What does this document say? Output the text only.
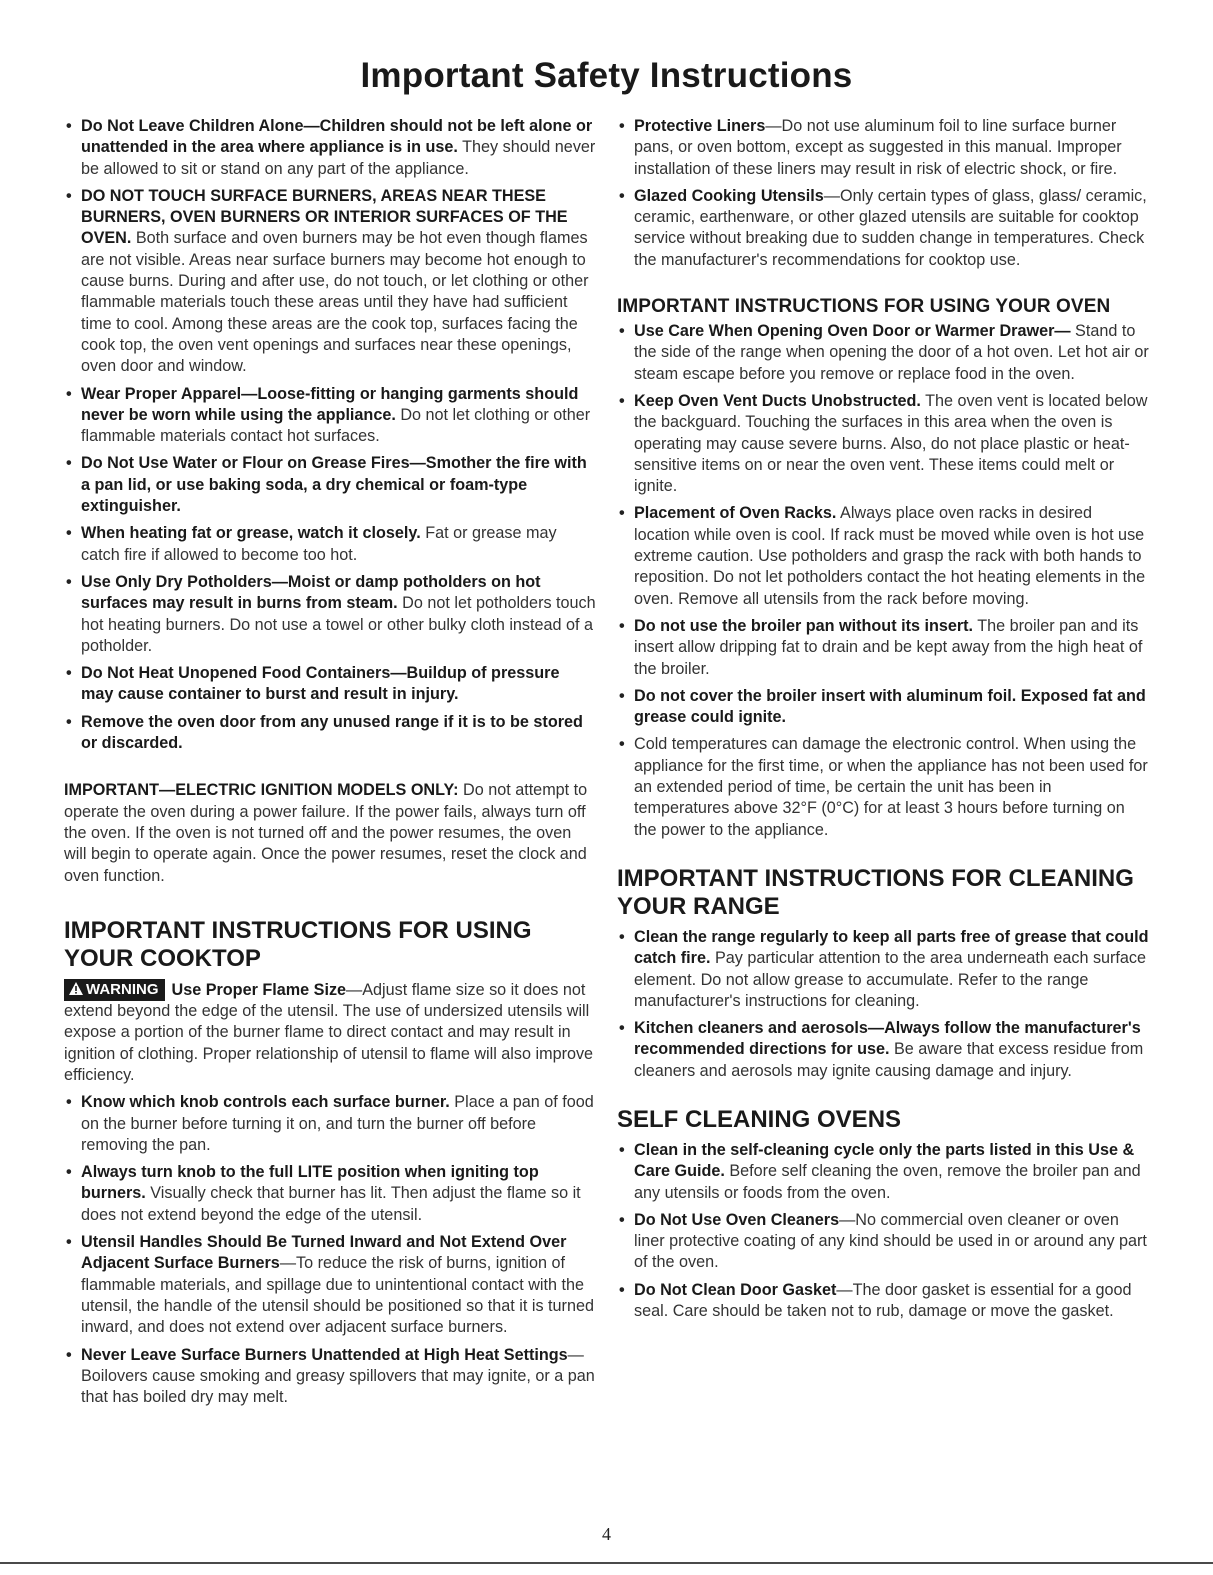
Important Safety Instructions
• Do Not Leave Children Alone—Children should not be left alone or unattended in the area where appliance is in use. They should never be allowed to sit or stand on any part of the appliance.
• DO NOT TOUCH SURFACE BURNERS, AREAS NEAR THESE BURNERS, OVEN BURNERS OR INTERIOR SURFACES OF THE OVEN. Both surface and oven burners may be hot even though flames are not visible. Areas near surface burners may become hot enough to cause burns. During and after use, do not touch, or let clothing or other flammable materials touch these areas until they have had sufficient time to cool. Among these areas are the cook top, surfaces facing the cook top, the oven vent openings and surfaces near these openings, oven door and window.
• Wear Proper Apparel—Loose-fitting or hanging garments should never be worn while using the appliance. Do not let clothing or other flammable materials contact hot surfaces.
• Do Not Use Water or Flour on Grease Fires—Smother the fire with a pan lid, or use baking soda, a dry chemical or foam-type extinguisher.
• When heating fat or grease, watch it closely. Fat or grease may catch fire if allowed to become too hot.
• Use Only Dry Potholders—Moist or damp potholders on hot surfaces may result in burns from steam. Do not let potholders touch hot heating burners. Do not use a towel or other bulky cloth instead of a potholder.
• Do Not Heat Unopened Food Containers—Buildup of pressure may cause container to burst and result in injury.
• Remove the oven door from any unused range if it is to be stored or discarded.

IMPORTANT—ELECTRIC IGNITION MODELS ONLY: Do not attempt to operate the oven during a power failure. If the power fails, always turn off the oven. If the oven is not turned off and the power resumes, the oven will begin to operate again. Once the power resumes, reset the clock and oven function.

IMPORTANT INSTRUCTIONS FOR USING YOUR COOKTOP

WARNING Use Proper Flame Size—Adjust flame size so it does not extend beyond the edge of the utensil. The use of undersized utensils will expose a portion of the burner flame to direct contact and may result in ignition of clothing. Proper relationship of utensil to flame will also improve efficiency.

• Know which knob controls each surface burner. Place a pan of food on the burner before turning it on, and turn the burner off before removing the pan.
• Always turn knob to the full LITE position when igniting top burners. Visually check that burner has lit. Then adjust the flame so it does not extend beyond the edge of the utensil.
• Utensil Handles Should Be Turned Inward and Not Extend Over Adjacent Surface Burners—To reduce the risk of burns, ignition of flammable materials, and spillage due to unintentional contact with the utensil, the handle of the utensil should be positioned so that it is turned inward, and does not extend over adjacent surface burners.
• Never Leave Surface Burners Unattended at High Heat Settings—Boilovers cause smoking and greasy spillovers that may ignite, or a pan that has boiled dry may melt.
• Protective Liners—Do not use aluminum foil to line surface burner pans, or oven bottom, except as suggested in this manual. Improper installation of these liners may result in risk of electric shock, or fire.
• Glazed Cooking Utensils—Only certain types of glass, glass/ ceramic, ceramic, earthenware, or other glazed utensils are suitable for cooktop service without breaking due to sudden change in temperatures. Check the manufacturer's recommendations for cooktop use.
IMPORTANT INSTRUCTIONS FOR USING YOUR OVEN
• Use Care When Opening Oven Door or Warmer Drawer— Stand to the side of the range when opening the door of a hot oven. Let hot air or steam escape before you remove or replace food in the oven.
• Keep Oven Vent Ducts Unobstructed. The oven vent is located below the backguard. Touching the surfaces in this area when the oven is operating may cause severe burns. Also, do not place plastic or heat-sensitive items on or near the oven vent. These items could melt or ignite.
• Placement of Oven Racks. Always place oven racks in desired location while oven is cool. If rack must be moved while oven is hot use extreme caution. Use potholders and grasp the rack with both hands to reposition. Do not let potholders contact the hot heating elements in the oven. Remove all utensils from the rack before moving.
• Do not use the broiler pan without its insert. The broiler pan and its insert allow dripping fat to drain and be kept away from the high heat of the broiler.
• Do not cover the broiler insert with aluminum foil. Exposed fat and grease could ignite.
• Cold temperatures can damage the electronic control. When using the appliance for the first time, or when the appliance has not been used for an extended period of time, be certain the unit has been in temperatures above 32°F (0°C) for at least 3 hours before turning on the power to the appliance.
IMPORTANT INSTRUCTIONS FOR CLEANING YOUR RANGE
• Clean the range regularly to keep all parts free of grease that could catch fire. Pay particular attention to the area underneath each surface element. Do not allow grease to accumulate. Refer to the range manufacturer's instructions for cleaning.
• Kitchen cleaners and aerosols—Always follow the manufacturer's recommended directions for use. Be aware that excess residue from cleaners and aerosols may ignite causing damage and injury.
SELF CLEANING OVENS
• Clean in the self-cleaning cycle only the parts listed in this Use & Care Guide. Before self cleaning the oven, remove the broiler pan and any utensils or foods from the oven.
• Do Not Use Oven Cleaners—No commercial oven cleaner or oven liner protective coating of any kind should be used in or around any part of the oven.
• Do Not Clean Door Gasket—The door gasket is essential for a good seal. Care should be taken not to rub, damage or move the gasket.
4
